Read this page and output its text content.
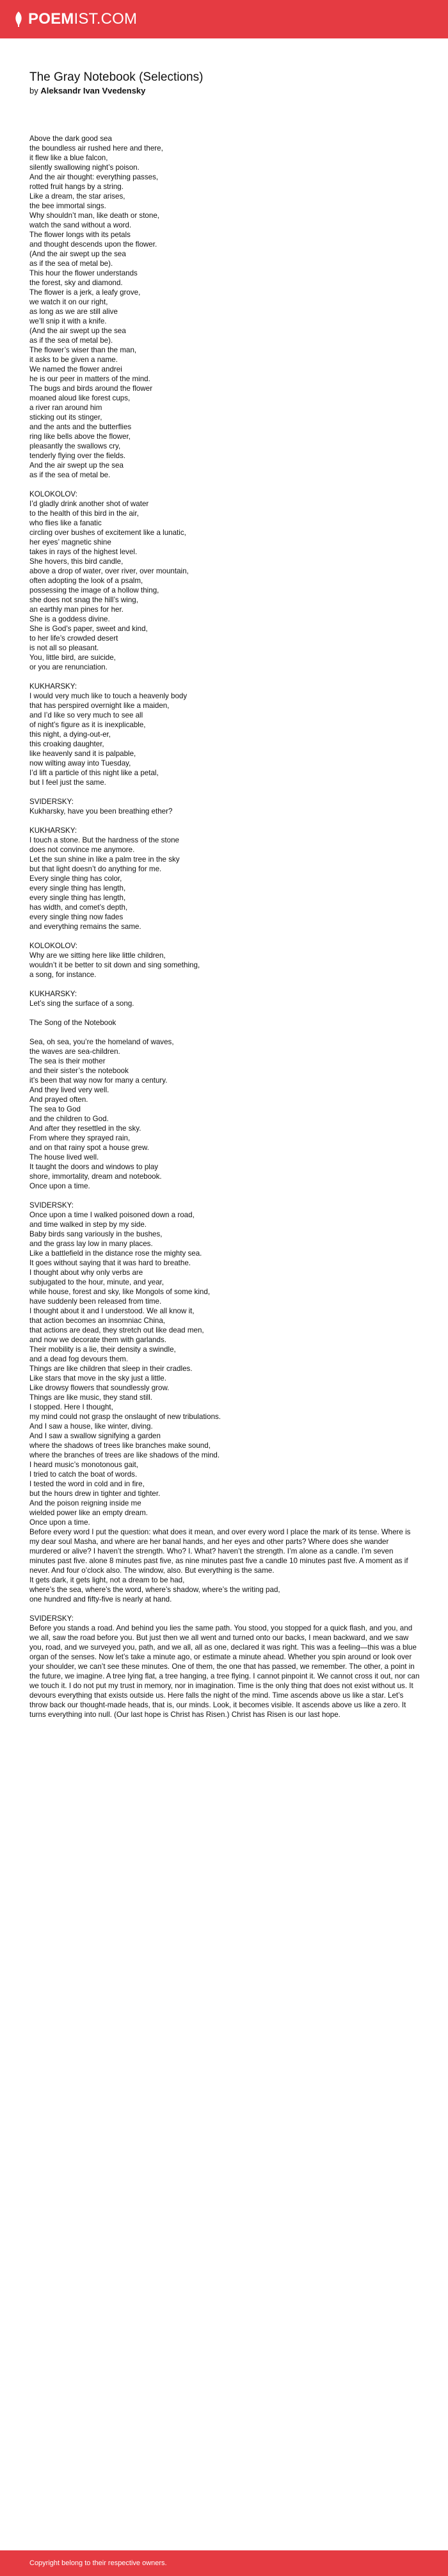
POEMIST.COM
The Gray Notebook (Selections)

by Aleksandr Ivan Vvedensky

Above the dark good sea
the boundless air rushed here and there,
it flew like a blue falcon,
silently swallowing night’s poison.
And the air thought: everything passes,
rotted fruit hangs by a string.
Like a dream, the star arises,
the bee immortal sings.
Why shouldn’t man, like death or stone,
watch the sand without a word.
The flower longs with its petals
and thought descends upon the flower.
(And the air swept up the sea
as if the sea of metal be).
This hour the flower understands
the forest, sky and diamond.
The flower is a jerk, a leafy grove,
we watch it on our right,
as long as we are still alive
we’ll snip it with a knife.
(And the air swept up the sea
as if the sea of metal be).
The flower’s wiser than the man,
it asks to be given a name.
We named the flower andrei
he is our peer in matters of the mind.
The bugs and birds around the flower
moaned aloud like forest cups,
a river ran around him
sticking out its stinger,
and the ants and the butterflies
ring like bells above the flower,
pleasantly the swallows cry,
tenderly flying over the fields.
And the air swept up the sea
as if the sea of metal be.
KOLOKOLOV:
I’d gladly drink another shot of water
to the health of this bird in the air,
who flies like a fanatic
circling over bushes of excitement like a lunatic,
her eyes’ magnetic shine
takes in rays of the highest level.
She hovers, this bird candle,
above a drop of water, over river, over mountain,
often adopting the look of a psalm,
possessing the image of a hollow thing,
she does not snag the hill’s wing,
an earthly man pines for her.
She is a goddess divine.
She is God’s paper, sweet and kind,
to her life’s crowded desert
is not all so pleasant.
You, little bird, are suicide,
or you are renunciation.
KUKHARSKY:
I would very much like to touch a heavenly body
that has perspired overnight like a maiden,
and I’d like so very much to see all
of night’s figure as it is inexplicable,
this night, a dying-out-er,
this croaking daughter,
like heavenly sand it is palpable,
now wilting away into Tuesday,
I’d lift a particle of this night like a petal,
but I feel just the same.
SVIDERSKY:
Kukharsky, have you been breathing ether?
KUKHARSKY:
I touch a stone. But the hardness of the stone
does not convince me anymore.
Let the sun shine in like a palm tree in the sky
but that light doesn’t do anything for me.
Every single thing has color,
every single thing has length,
every single thing has length,
has width, and comet’s depth,
every single thing now fades
and everything remains the same.
KOLOKOLOV:
Why are we sitting here like little children,
wouldn’t it be better to sit down and sing something,
a song, for instance.
KUKHARSKY:
Let’s sing the surface of a song.
The Song of the Notebook
Sea, oh sea, you’re the homeland of waves,
the waves are sea-children.
The sea is their mother
and their sister’s the notebook
it’s been that way now for many a century.
And they lived very well.
And prayed often.
The sea to God
and the children to God.
And after they resettled in the sky.
From where they sprayed rain,
and on that rainy spot a house grew.
The house lived well.
It taught the doors and windows to play
shore, immortality, dream and notebook.
Once upon a time.
SVIDERSKY:
Once upon a time I walked poisoned down a road,
and time walked in step by my side.
Baby birds sang variously in the bushes,
and the grass lay low in many places.
Like a battlefield in the distance rose the mighty sea.
It goes without saying that it was hard to breathe.
I thought about why only verbs are
subjugated to the hour, minute, and year,
while house, forest and sky, like Mongols of some kind,
have suddenly been released from time.
I thought about it and I understood. We all know it,
that action becomes an insomniac China,
that actions are dead, they stretch out like dead men,
and now we decorate them with garlands.
Their mobility is a lie, their density a swindle,
and a dead fog devours them.
Things are like children that sleep in their cradles.
Like stars that move in the sky just a little.
Like drowsy flowers that soundlessly grow.
Things are like music, they stand still.
I stopped. Here I thought,
my mind could not grasp the onslaught of new tribulations.
And I saw a house, like winter, diving.
And I saw a swallow signifying a garden
where the shadows of trees like branches make sound,
where the branches of trees are like shadows of the mind.
I heard music’s monotonous gait,
I tried to catch the boat of words.
I tested the word in cold and in fire,
but the hours drew in tighter and tighter.
And the poison reigning inside me
wielded power like an empty dream.
Once upon a time.
Before every word I put the question: what does it mean, and over every word I place the mark of its tense. Where is my dear soul Masha, and where are her banal hands, and her eyes and other parts? Where does she wander murdered or alive? I haven’t the strength. Who? I. What? haven’t the strength. I’m alone as a candle. I’m seven minutes past five. alone 8 minutes past five, as nine minutes past five a candle 10 minutes past five. A moment as if never. And four o’clock also. The window, also. But everything is the same.
It gets dark, it gets light, not a dream to be had,
where’s the sea, where’s the word, where’s shadow, where’s the writing pad,
one hundred and fifty-five is nearly at hand.
SVIDERSKY:
Before you stands a road. And behind you lies the same path. You stood, you stopped for a quick flash, and you, and we all, saw the road before you. But just then we all went and turned onto our backs, I mean backward, and we saw you, road, and we surveyed you, path, and we all, all as one, declared it was right. This was a feeling—this was a blue organ of the senses. Now let’s take a minute ago, or estimate a minute ahead. Whether you spin around or look over your shoulder, we can’t see these minutes. One of them, the one that has passed, we remember. The other, a point in the future, we imagine. A tree lying flat, a tree hanging, a tree flying. I cannot pinpoint it. We cannot cross it out, nor can we touch it. I do not put my trust in memory, nor in imagination. Time is the only thing that does not exist without us. It devours everything that exists outside us. Here falls the night of the mind. Time ascends above us like a star. Let’s throw back our thought-made heads, that is, our minds. Look, it becomes visible. It ascends above us like a zero. It turns everything into null. (Our last hope is Christ has Risen.) Christ has Risen is our last hope.
Copyright belong to their respective owners.
